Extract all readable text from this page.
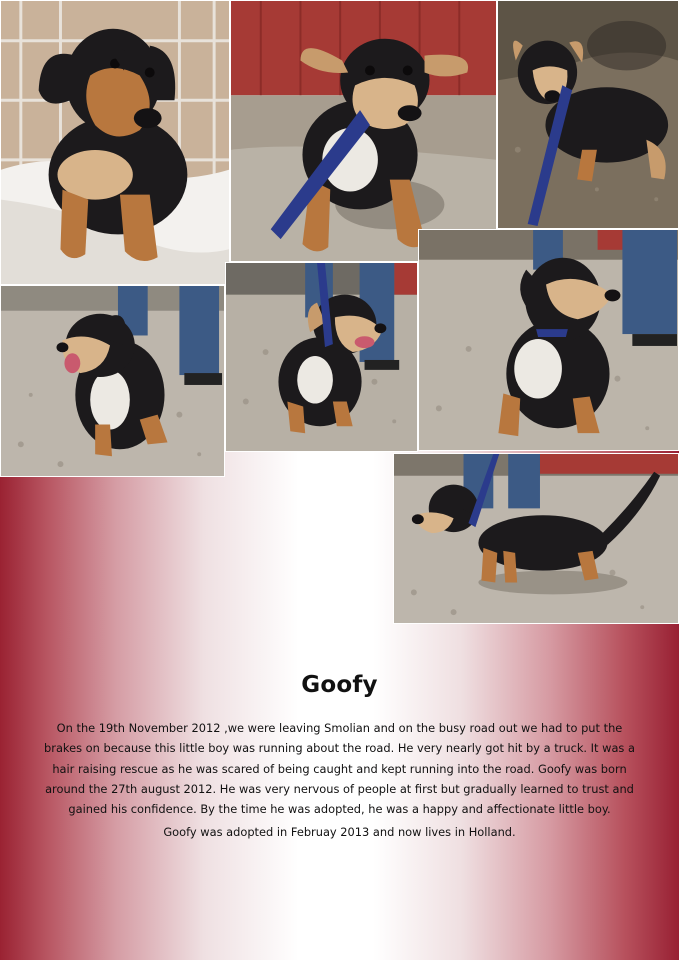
Goofy

On the 19th November 2012 ,we were leaving Smolian and on the busy road out we had to put the brakes on because this little boy was running about the road. He very nearly got hit by a truck. It was a hair raising rescue as he was scared of being caught and kept running into the road. Goofy was born around the 27th august 2012. He was very nervous of people at first but gradually learned to trust and gained his confidence. By the time he was adopted, he was a happy and affectionate little boy.

Goofy was adopted in Februay 2013 and now lives in Holland.
